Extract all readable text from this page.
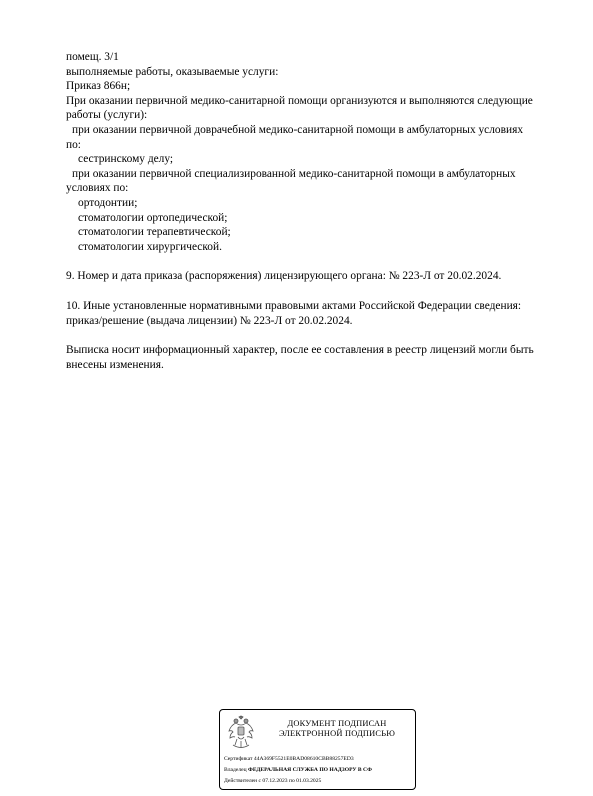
помещ. 3/1
выполняемые работы, оказываемые услуги:
Приказ 866н;
При оказании первичной медико-санитарной помощи организуются и выполняются следующие
работы (услуги):
при оказании первичной доврачебной медико-санитарной помощи в амбулаторных условиях
по:
сестринскому делу;
при оказании первичной специализированной медико-санитарной помощи в амбулаторных
условиях по:
ортодонтии;
стоматологии ортопедической;
стоматологии терапевтической;
стоматологии хирургической.
9. Номер и дата приказа (распоряжения) лицензирующего органа: № 223-Л от 20.02.2024.
10. Иные установленные нормативными правовыми актами Российской Федерации сведения:
приказ/решение (выдача лицензии) № 223-Л от 20.02.2024.
Выписка носит информационный характер, после ее составления в реестр лицензий могли быть
внесены изменения.
ДОКУМЕНТ ПОДПИСАН
ЭЛЕКТРОННОЙ ПОДПИСЬЮ
Сертификат 44A369F5521E0BAD08610CBB88257ED3
Владелец ФЕДЕРАЛЬНАЯ СЛУЖБА ПО НАДЗОРУ В СФ
Действителен с 07.12.2023 по 01.03.2025
